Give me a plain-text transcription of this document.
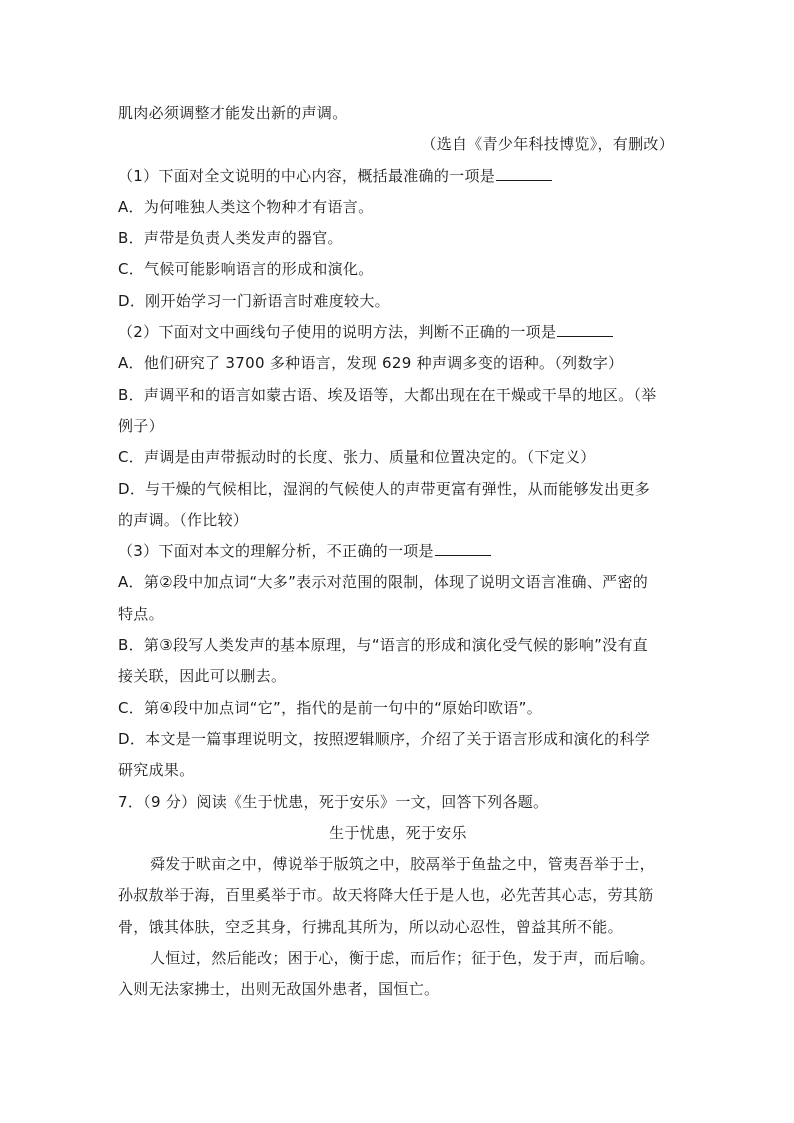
肌肉必须调整才能发出新的声调。
（选自《青少年科技博览》，有删改）
（1）下面对全文说明的中心内容，概括最准确的一项是
A．为何唯独人类这个物种才有语言。
B．声带是负责人类发声的器官。
C．气候可能影响语言的形成和演化。
D．刚开始学习一门新语言时难度较大。
（2）下面对文中画线句子使用的说明方法，判断不正确的一项是
A．他们研究了 3700 多种语言，发现 629 种声调多变的语种。（列数字）
B．声调平和的语言如蒙古语、埃及语等，大都出现在在干燥或干旱的地区。（举
例子）
C．声调是由声带振动时的长度、张力、质量和位置决定的。（下定义）
D．与干燥的气候相比，湿润的气候使人的声带更富有弹性，从而能够发出更多
的声调。（作比较）
（3）下面对本文的理解分析，不正确的一项是
A．第②段中加点词“大多”表示对范围的限制，体现了说明文语言准确、严密的
特点。
B．第③段写人类发声的基本原理，与“语言的形成和演化受气候的影响”没有直
接关联，因此可以删去。
C．第④段中加点词“它”，指代的是前一句中的“原始印欧语”。
D．本文是一篇事理说明文，按照逻辑顺序，介绍了关于语言形成和演化的科学
研究成果。
7．（9 分）阅读《生于忧患，死于安乐》一文，回答下列各题。
生于忧患，死于安乐
舜发于畎亩之中，傅说举于版筑之中，胶鬲举于鱼盐之中，管夷吾举于士，
孙叔敖举于海，百里奚举于市。故天将降大任于是人也，必先苦其心志，劳其筋
骨，饿其体肤，空乏其身，行拂乱其所为，所以动心忍性，曾益其所不能。
人恒过，然后能改；困于心，衡于虑，而后作；征于色，发于声，而后喻。
入则无法家拂士，出则无敌国外患者，国恒亡。
